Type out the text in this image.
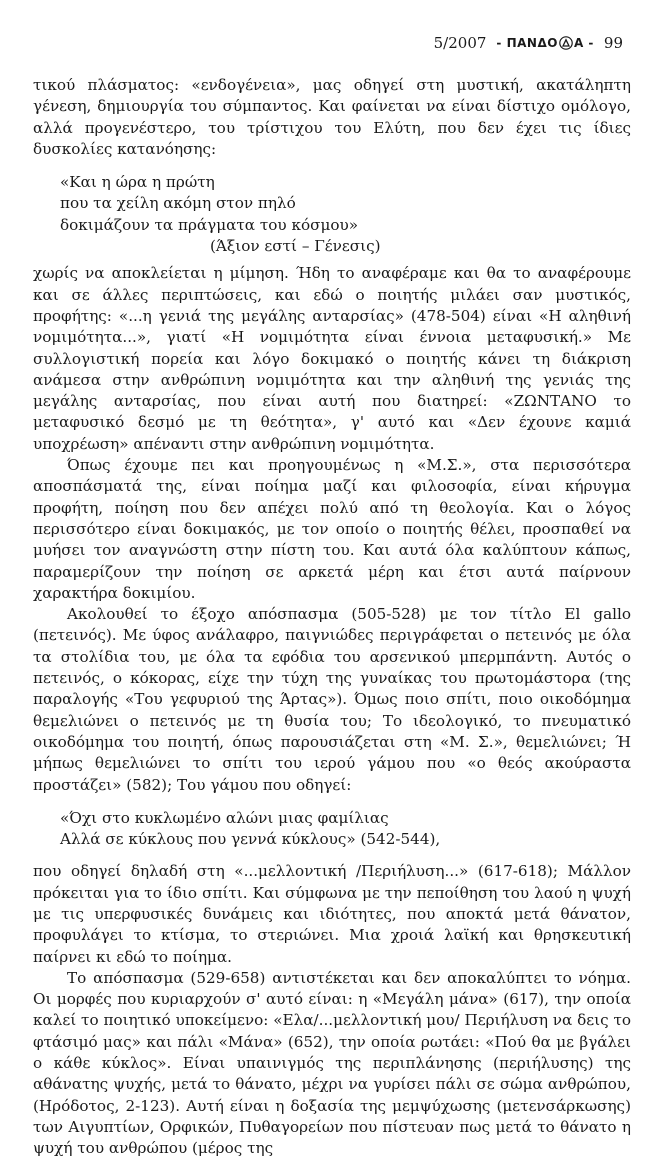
5/2007 - ΠΑΝΔΟ Α - 99

τικού πλάσματος: «ενδογένεια», μας οδηγεί στη μυστική, ακατάληπτη γένεση, δημιουργία του σύμπαντος. Και φαίνεται να είναι δίστιχο ομόλογο, αλλά προγενέστερο, του τρίστιχου του Ελύτη, που δεν έχει τις ίδιες δυσκολίες κατανόησης:

«Και η ώρα η πρώτη
που τα χείλη ακόμη στον πηλό
δοκιμάζουν τα πράγματα του κόσμου»
(Άξιον εστί – Γένεσις)

χωρίς να αποκλείεται η μίμηση. Ήδη το αναφέραμε και θα το αναφέρουμε και σε άλλες περιπτώσεις, και εδώ ο ποιητής μιλάει σαν μυστικός, προφήτης: «...η γενιά της μεγάλης ανταρσίας» (478-504) είναι «Η αληθινή νομιμότητα...», γιατί «Η νομιμότητα είναι έννοια μεταφυσική.» Με συλλογιστική πορεία και λόγο δοκιμακό ο ποιητής κάνει τη διάκριση ανάμεσα στην ανθρώπινη νομιμότητα και την αληθινή της γενιάς της μεγάλης ανταρσίας, που είναι αυτή που διατηρεί: «ΖΩΝΤΑΝΟ το μεταφυσικό δεσμό με τη θεότητα», γ' αυτό και «Δεν έχουνε καμιά υποχρέωση» απέναντι στην ανθρώπινη νομιμότητα.

Όπως έχουμε πει και προηγουμένως η «Μ.Σ.», στα περισσότερα αποσπάσματά της, είναι ποίημα μαζί και φιλοσοφία, είναι κήρυγμα προφήτη, ποίηση που δεν απέχει πολύ από τη θεολογία. Και ο λόγος περισσότερο είναι δοκιμακός, με τον οποίο ο ποιητής θέλει, προσπαθεί να μυήσει τον αναγνώστη στην πίστη του. Και αυτά όλα καλύπτουν κάπως, παραμερίζουν την ποίηση σε αρκετά μέρη και έτσι αυτά παίρνουν χαρακτήρα δοκιμίου.

Ακολουθεί το έξοχο απόσπασμα (505-528) με τον τίτλο El gallo (πετεινός). Με ύφος ανάλαφρο, παιγνιώδες περιγράφεται ο πετεινός με όλα τα στολίδια του, με όλα τα εφόδια του αρσενικού μπερμπάντη. Αυτός ο πετεινός, ο κόκορας, είχε την τύχη της γυναίκας του πρωτομάστορα (της παραλογής «Του γεφυριού της Άρτας»). Όμως ποιο σπίτι, ποιο οικοδόμημα θεμελιώνει ο πετεινός με τη θυσία του; Το ιδεολογικό, το πνευματικό οικοδόμημα του ποιητή, όπως παρουσιάζεται στη «Μ. Σ.», θεμελιώνει; Ή μήπως θεμελιώνει το σπίτι του ιερού γάμου που «ο θεός ακούραστα προστάζει» (582); Του γάμου που οδηγεί:

«Όχι στο κυκλωμένο αλώνι μιας φαμίλιας
Αλλά σε κύκλους που γεννά κύκλους» (542-544),

που οδηγεί δηλαδή στη «...μελλοντική /Περιήλυση...» (617-618); Μάλλον πρόκειται για το ίδιο σπίτι. Και σύμφωνα με την πεποίθηση του λαού η ψυχή με τις υπερφυσικές δυνάμεις και ιδιότητες, που αποκτά μετά θάνατον, προφυλάγει το κτίσμα, το στεριώνει. Μια χροιά λαϊκή και θρησκευτική παίρνει κι εδώ το ποίημα.

Το απόσπασμα (529-658) αντιστέκεται και δεν αποκαλύπτει το νόημα. Οι μορφές που κυριαρχούν σ' αυτό είναι: η «Μεγάλη μάνα» (617), την οποία καλεί το ποιητικό υποκείμενο: «Ελα/...μελλοντική μου/ Περιήλυση να δεις το φτάσιμό μας» και πάλι «Μάνα» (652), την οποία ρωτάει: «Πού θα με βγάλει ο κάθε κύκλος». Είναι υπαινιγμός της περιπλάνησης (περιήλυσης) της αθάνατης ψυχής, μετά το θάνατο, μέχρι να γυρίσει πάλι σε σώμα ανθρώπου, (Ηρόδοτος, 2-123). Αυτή είναι η δοξασία της μεμψύχωσης (μετενσάρκωσης) των Αιγυπτίων, Ορφικών, Πυθαγορείων που πίστευαν πως μετά το θάνατο η ψυχή του ανθρώπου (μέρος της
